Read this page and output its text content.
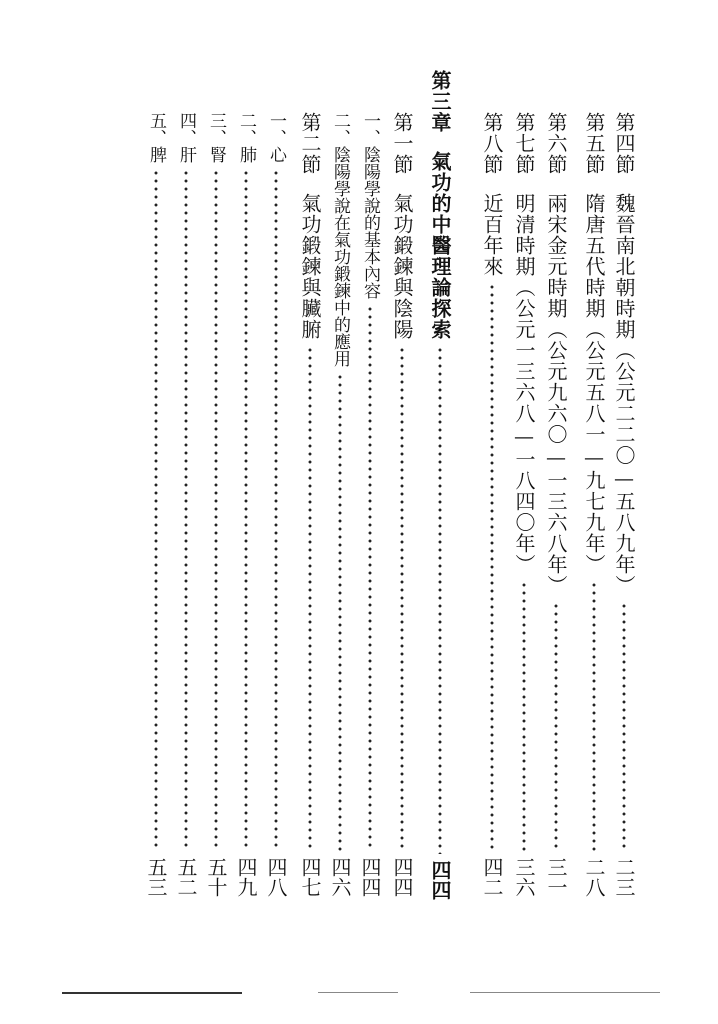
第四節
魏晉南北朝時期（公元二二〇—五八九年）
二三
第五節
隋唐五代時期（公元五八一—九七九年）
二八
第六節
兩宋金元時期（公元九六〇—一三六八年）
三一
第七節
明清時期（公元一三六八—一八四〇年）
三六
第八節
近百年來
四二
第三章
氣功的中醫理論探索
四四
第一節
氣功鍛鍊與陰陽
四四
一、
陰陽學說的基本內容
四四
二、
陰陽學說在氣功鍛鍊中的應用
四六
第二節
氣功鍛鍊與臟腑
四七
一、
心
四八
二、
肺
四九
三、
腎
五十
四、
肝
五二
五、
脾
五三
